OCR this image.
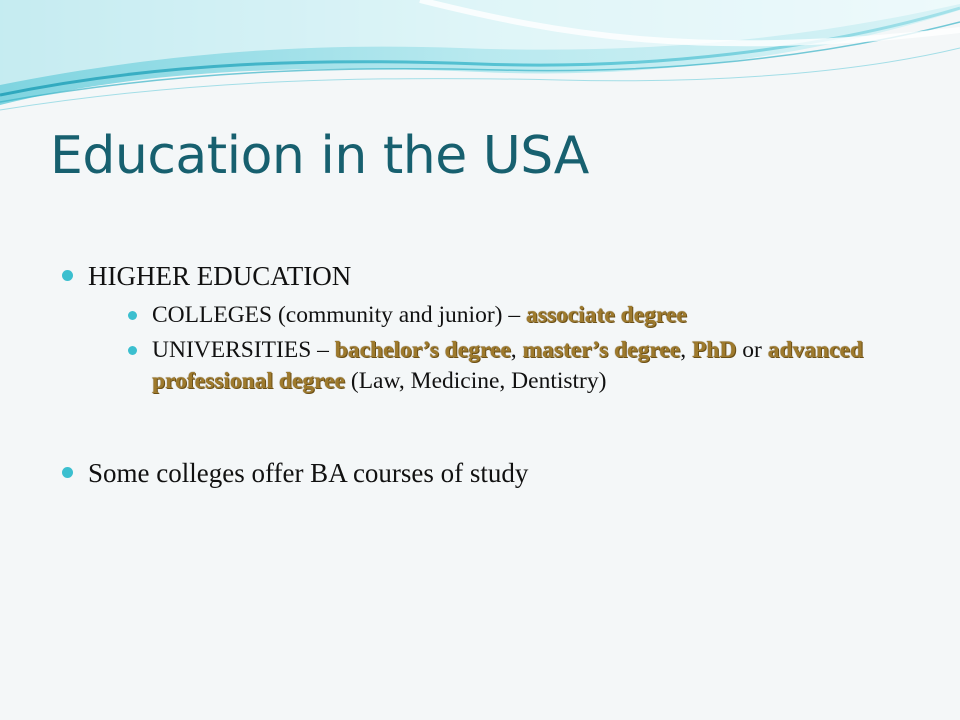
Education in the USA
HIGHER EDUCATION
COLLEGES (community and junior) – associate degree
UNIVERSITIES – bachelor’s degree, master’s degree, PhD or advanced professional degree (Law, Medicine, Dentistry)
Some colleges offer BA courses of study
